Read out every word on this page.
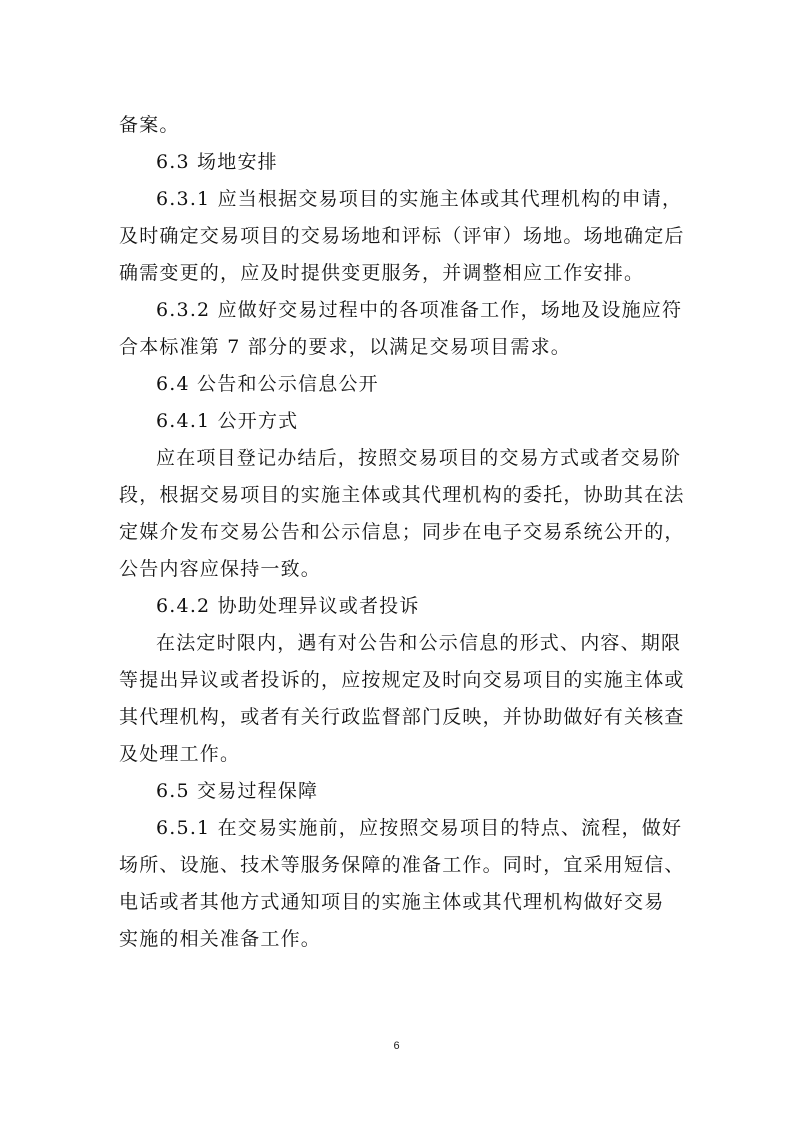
备案。
6.3 场地安排
6.3.1 应当根据交易项目的实施主体或其代理机构的申请，
及时确定交易项目的交易场地和评标（评审）场地。场地确定后
确需变更的，应及时提供变更服务，并调整相应工作安排。
6.3.2 应做好交易过程中的各项准备工作，场地及设施应符
合本标准第 7 部分的要求，以满足交易项目需求。
6.4 公告和公示信息公开
6.4.1 公开方式
应在项目登记办结后，按照交易项目的交易方式或者交易阶
段，根据交易项目的实施主体或其代理机构的委托，协助其在法
定媒介发布交易公告和公示信息；同步在电子交易系统公开的，
公告内容应保持一致。
6.4.2 协助处理异议或者投诉
在法定时限内，遇有对公告和公示信息的形式、内容、期限
等提出异议或者投诉的，应按规定及时向交易项目的实施主体或
其代理机构，或者有关行政监督部门反映，并协助做好有关核查
及处理工作。
6.5 交易过程保障
6.5.1 在交易实施前，应按照交易项目的特点、流程，做好
场所、设施、技术等服务保障的准备工作。同时，宜采用短信、
电话或者其他方式通知项目的实施主体或其代理机构做好交易
实施的相关准备工作。
6
